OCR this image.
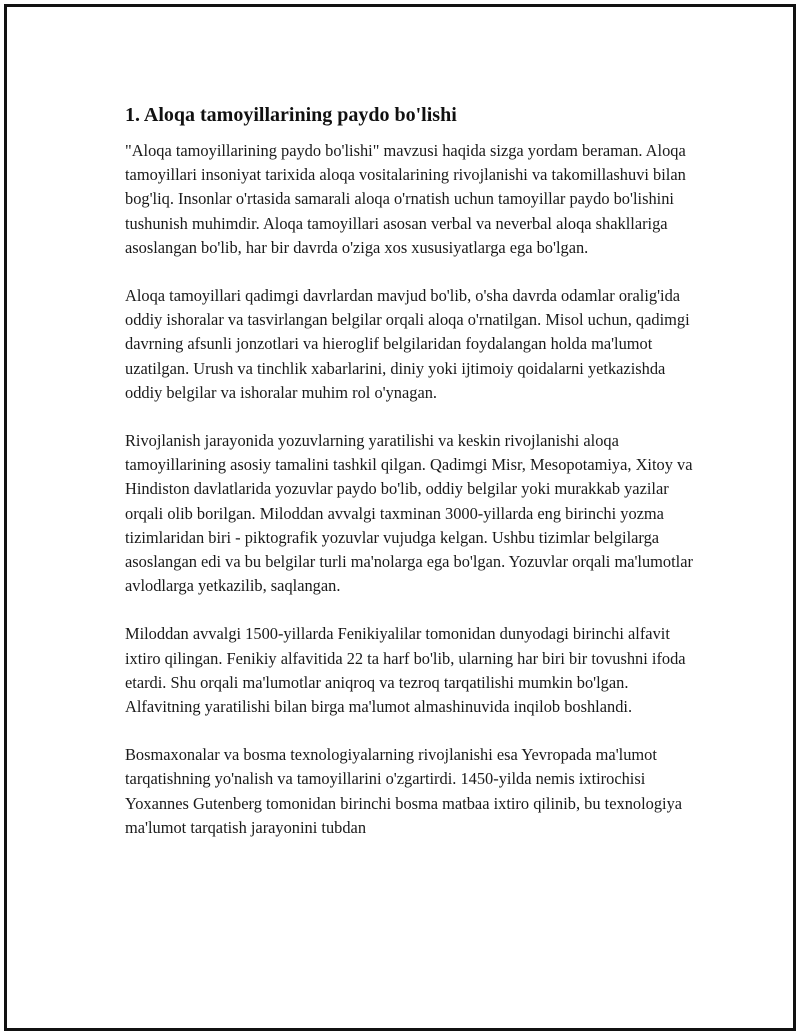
1. Aloqa tamoyillarining paydo bo'lishi

"Aloqa tamoyillarining paydo bo'lishi" mavzusi haqida sizga yordam beraman. Aloqa tamoyillari insoniyat tarixida aloqa vositalarining rivojlanishi va takomillashuvi bilan bog'liq. Insonlar o'rtasida samarali aloqa o'rnatish uchun tamoyillar paydo bo'lishini tushunish muhimdir. Aloqa tamoyillari asosan verbal va neverbal aloqa shakllariga asoslangan bo'lib, har bir davrda o'ziga xos xususiyatlarga ega bo'lgan.

Aloqa tamoyillari qadimgi davrlardan mavjud bo'lib, o'sha davrda odamlar oralig'ida oddiy ishoralar va tasvirlangan belgilar orqali aloqa o'rnatilgan. Misol uchun, qadimgi davrning afsunli jonzotlari va hieroglif belgilaridan foydalangan holda ma'lumot uzatilgan. Urush va tinchlik xabarlarini, diniy yoki ijtimoiy qoidalarni yetkazishda oddiy belgilar va ishoralar muhim rol o'ynagan.

Rivojlanish jarayonida yozuvlarning yaratilishi va keskin rivojlanishi aloqa tamoyillarining asosiy tamalini tashkil qilgan. Qadimgi Misr, Mesopotamiya, Xitoy va Hindiston davlatlarida yozuvlar paydo bo'lib, oddiy belgilar yoki murakkab yazilar orqali olib borilgan. Miloddan avvalgi taxminan 3000-yillarda eng birinchi yozma tizimlaridan biri - piktografik yozuvlar vujudga kelgan. Ushbu tizimlar belgilarga asoslangan edi va bu belgilar turli ma'nolarga ega bo'lgan. Yozuvlar orqali ma'lumotlar avlodlarga yetkazilib, saqlangan.

Miloddan avvalgi 1500-yillarda Fenikiyalilar tomonidan dunyodagi birinchi alfavit ixtiro qilingan. Fenikiy alfavitida 22 ta harf bo'lib, ularning har biri bir tovushni ifoda etardi. Shu orqali ma'lumotlar aniqroq va tezroq tarqatilishi mumkin bo'lgan. Alfavitning yaratilishi bilan birga ma'lumot almashinuvida inqilob boshlandi.

Bosmaxonalar va bosma texnologiyalarning rivojlanishi esa Yevropada ma'lumot tarqatishning yo'nalish va tamoyillarini o'zgartirdi. 1450-yilda nemis ixtirochisi Yoxannes Gutenberg tomonidan birinchi bosma matbaa ixtiro qilinib, bu texnologiya ma'lumot tarqatish jarayonini tubdan
